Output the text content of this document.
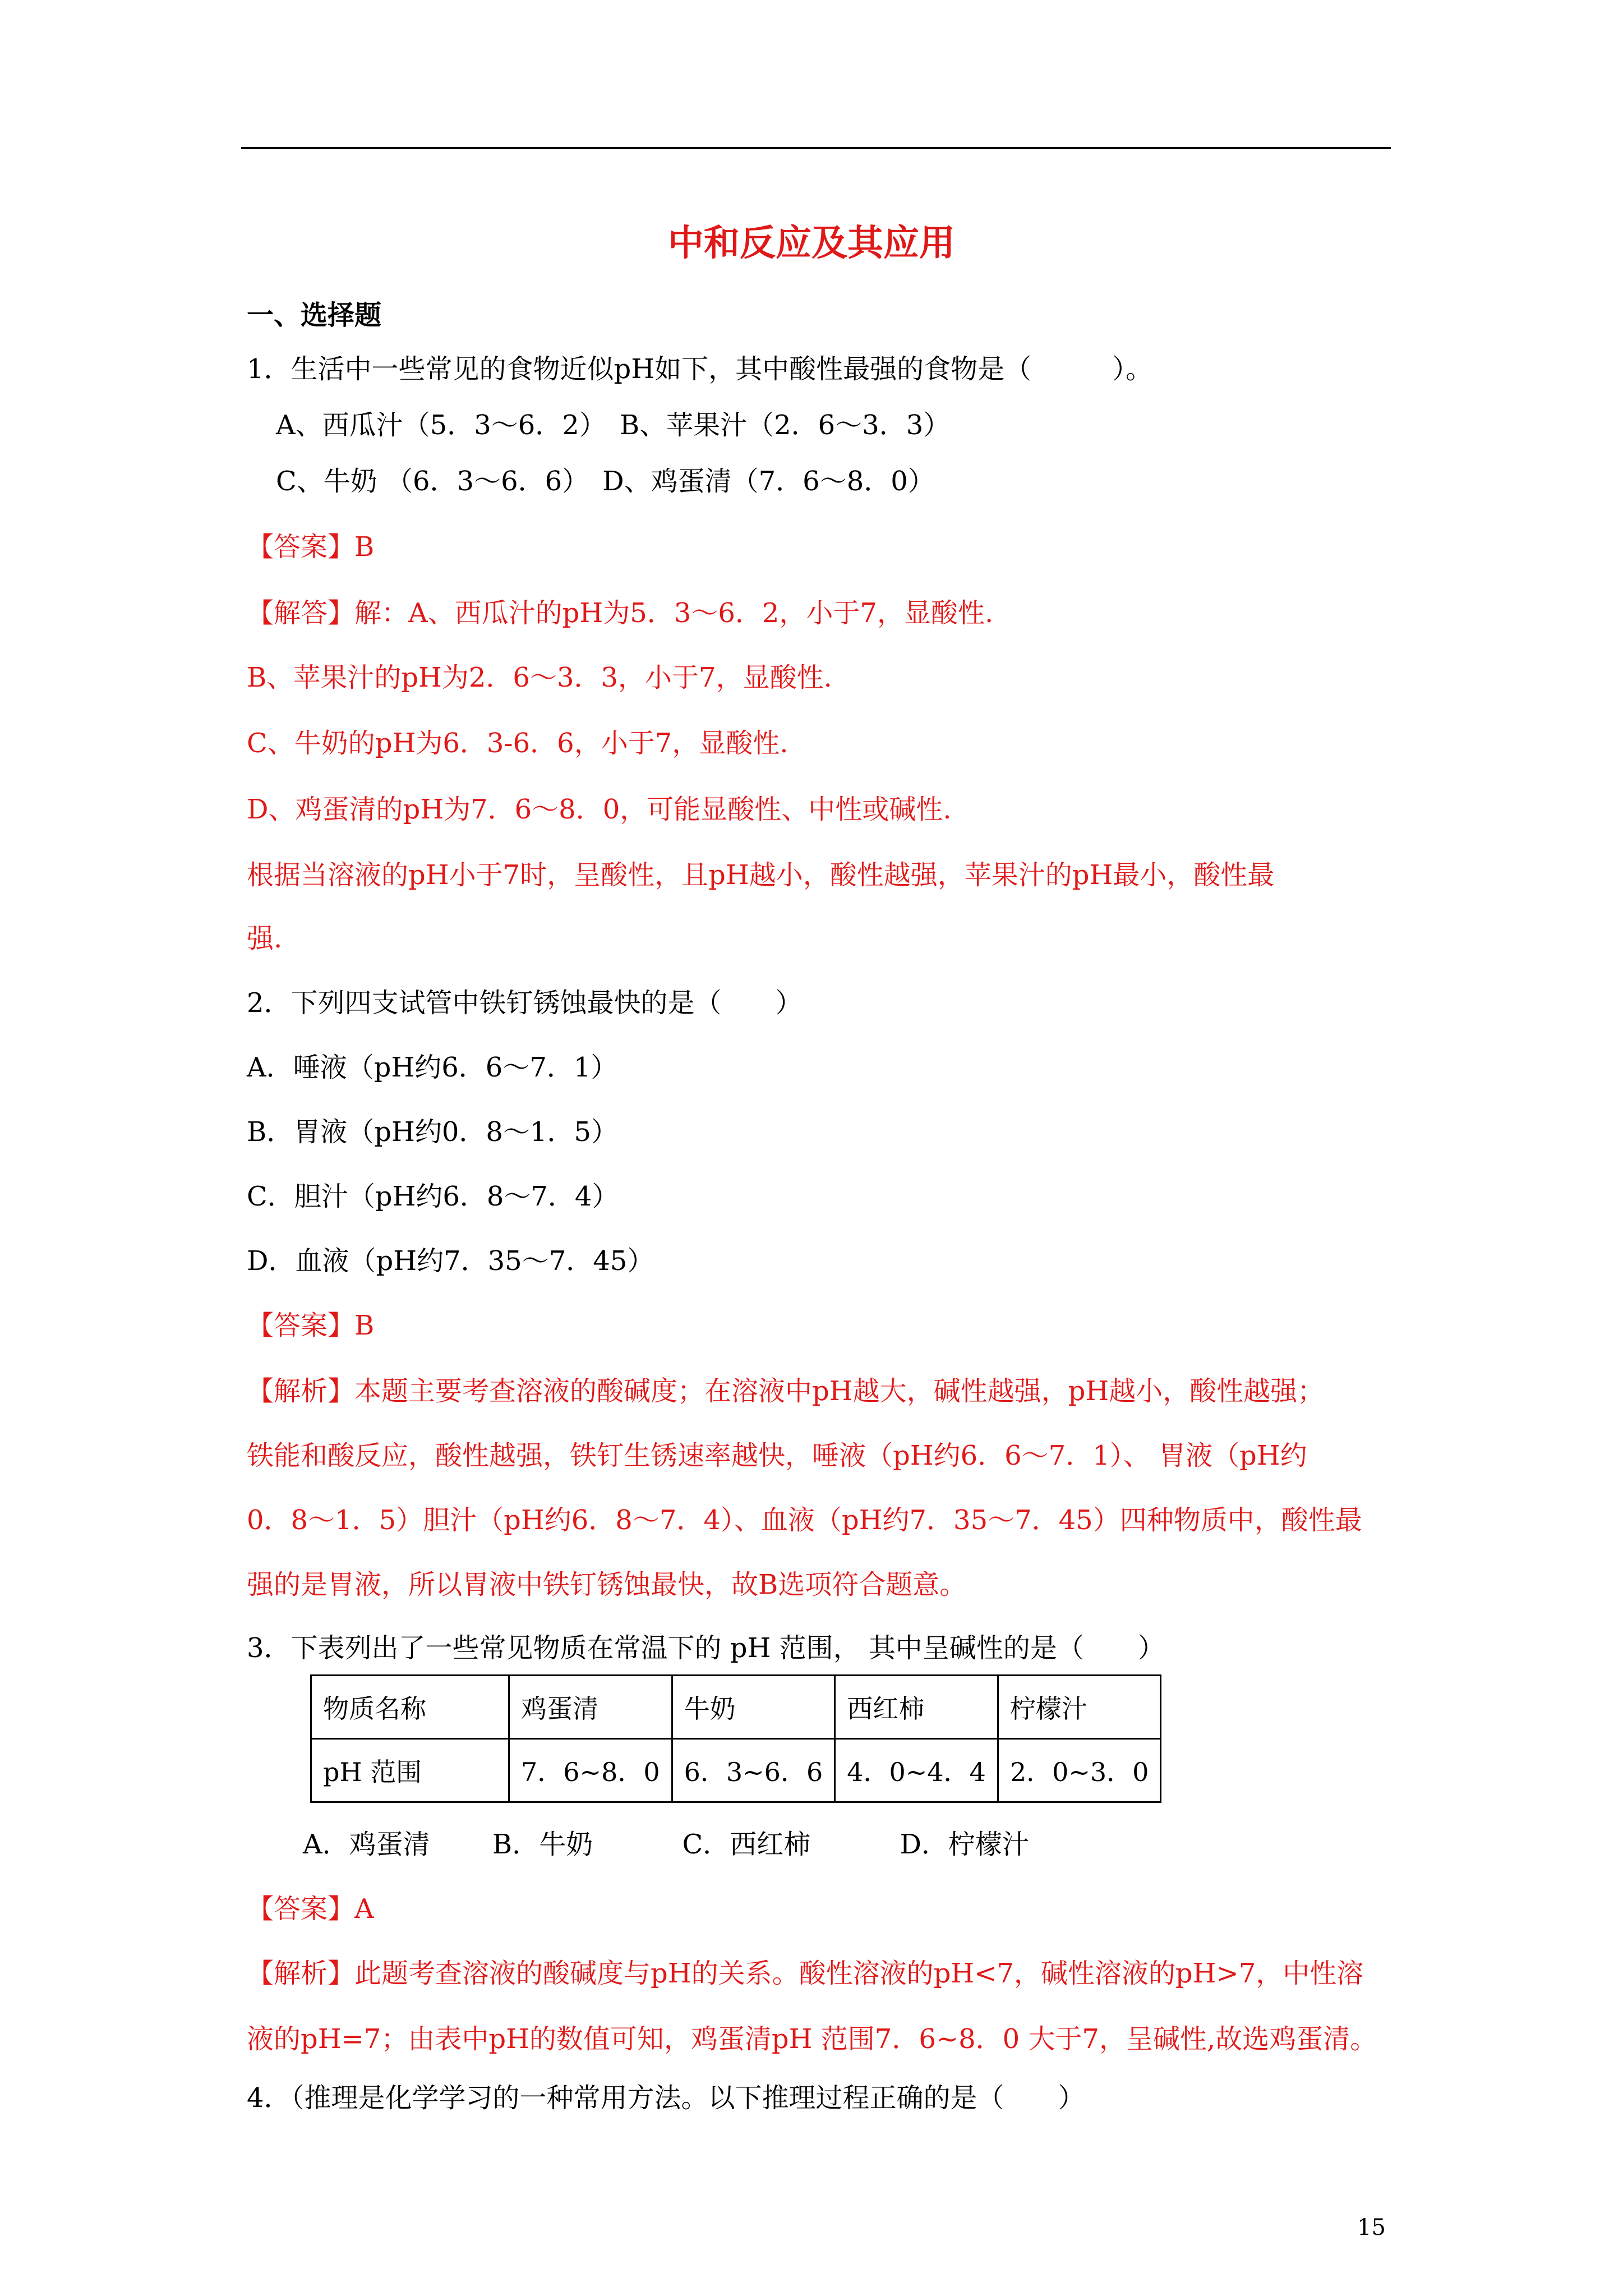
中和反应及其应用
一、选择题
1．生活中一些常见的食物近似pH如下，其中酸性最强的食物是（　　　）。
A、西瓜汁（5．3～6．2）　B、苹果汁（2．6～3．3）
C、牛奶 （6．3～6．6）　D、鸡蛋清（7．6～8．0）
【答案】B
【解答】解：A、西瓜汁的pH为5．3～6．2，小于7，显酸性.
B、苹果汁的pH为2．6～3．3，小于7，显酸性.
C、牛奶的pH为6．3-6．6，小于7，显酸性.
D、鸡蛋清的pH为7．6～8．0，可能显酸性、中性或碱性.
根据当溶液的pH小于7时，呈酸性，且pH越小，酸性越强，苹果汁的pH最小，酸性最
强.
2．下列四支试管中铁钉锈蚀最快的是（　　）
A．唾液（pH约6．6～7．1）
B．胃液（pH约0．8～1．5）
C．胆汁（pH约6．8～7．4）
D．血液（pH约7．35～7．45）
【答案】B
【解析】本题主要考查溶液的酸碱度；在溶液中pH越大，碱性越强，pH越小，酸性越强；
铁能和酸反应，酸性越强，铁钉生锈速率越快，唾液（pH约6．6～7．1）、 胃液（pH约
0．8～1．5）胆汁（pH约6．8～7．4）、血液（pH约7．35～7．45）四种物质中，酸性最
强的是胃液，所以胃液中铁钉锈蚀最快，故B选项符合题意。
3．下表列出了一些常见物质在常温下的 pH 范围， 其中呈碱性的是（　　）
物质名称	鸡蛋清	牛奶	西红柿	柠檬汁
pH 范围	7．6~8．0	6．3~6．6	4．0~4．4	2．0~3．0
A．鸡蛋清　　 B．牛奶　　　 C．西红柿　　　 D．柠檬汁
【答案】A
【解析】此题考查溶液的酸碱度与pH的关系。酸性溶液的pH<7，碱性溶液的pH>7，中性溶
液的pH=7；由表中pH的数值可知，鸡蛋清pH 范围7．6~8．0 大于7，呈碱性,故选鸡蛋清。
4．（推理是化学学习的一种常用方法。以下推理过程正确的是（　　）
15
